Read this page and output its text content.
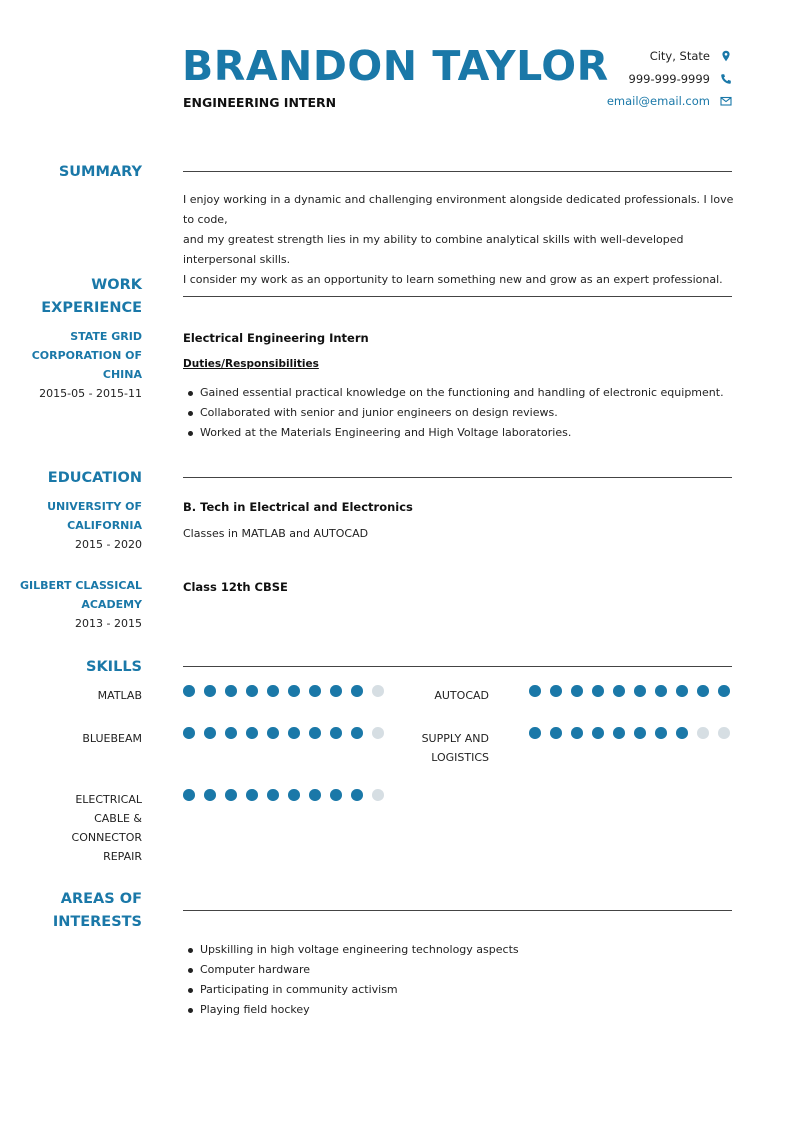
BRANDON TAYLOR
ENGINEERING INTERN
City, State
999-999-9999
email@email.com
SUMMARY
I enjoy working in a dynamic and challenging environment alongside dedicated professionals. I love to code,
and my greatest strength lies in my ability to combine analytical skills with well-developed interpersonal skills.
I consider my work as an opportunity to learn something new and grow as an expert professional.
WORK
EXPERIENCE
STATE GRID
CORPORATION OF
CHINA
2015-05 - 2015-11
Electrical Engineering Intern
Duties/Responsibilities
Gained essential practical knowledge on the functioning and handling of electronic equipment.
Collaborated with senior and junior engineers on design reviews.
Worked at the Materials Engineering and High Voltage laboratories.
EDUCATION
UNIVERSITY OF
CALIFORNIA
2015 - 2020
B. Tech in Electrical and Electronics
Classes in MATLAB and AUTOCAD
GILBERT CLASSICAL
ACADEMY
2013 - 2015
Class 12th CBSE
SKILLS
MATLAB	AUTOCAD
BLUEBEAM	SUPPLY AND
LOGISTICS
ELECTRICAL
CABLE &
CONNECTOR
REPAIR
AREAS OF
INTERESTS
Upskilling in high voltage engineering technology aspects
Computer hardware
Participating in community activism
Playing field hockey
